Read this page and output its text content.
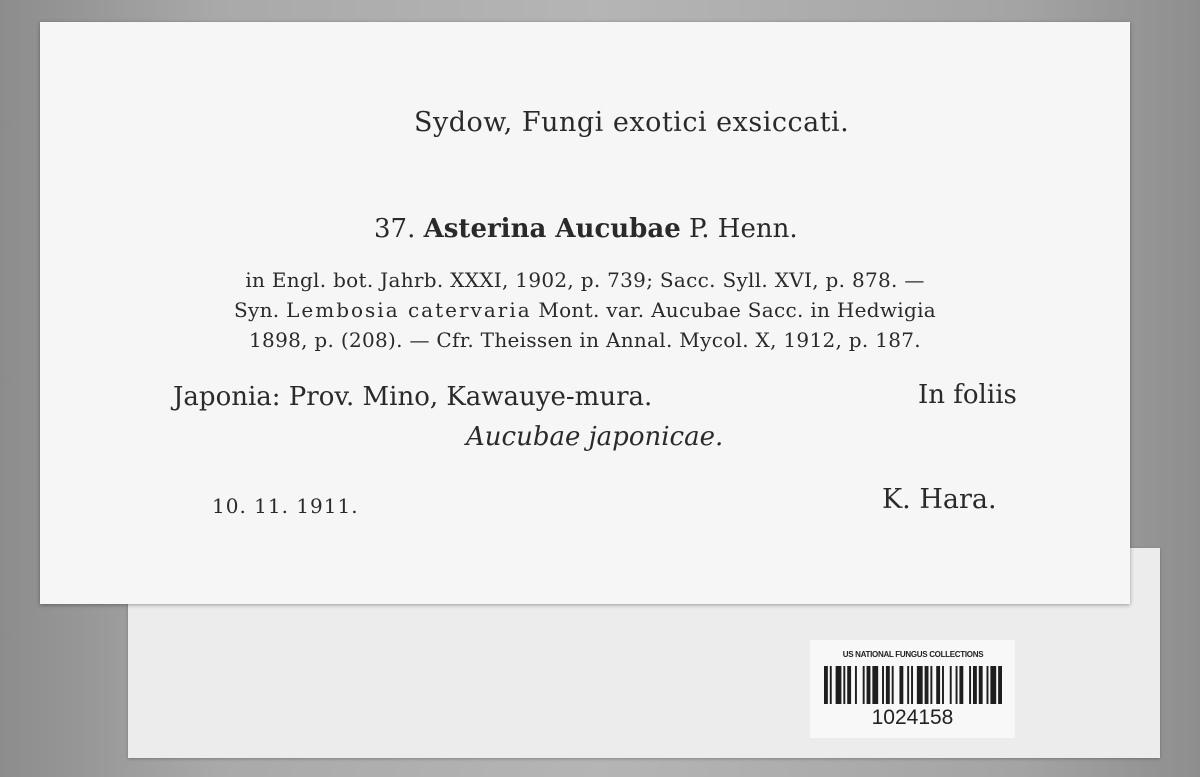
Sydow, Fungi exotici exsiccati.
37. Asterina Aucubae P. Henn.
in Engl. bot. Jahrb. XXXI, 1902, p. 739; Sacc. Syll. XVI, p. 878. —
Syn. Lembosia catervaria Mont. var. Aucubae Sacc. in Hedwigia
1898, p. (208). — Cfr. Theissen in Annal. Mycol. X, 1912, p. 187.
Japonia: Prov. Mino, Kawauye-mura.	In foliis
Aucubae japonicae.
10. 11. 1911.	K. Hara.
US NATIONAL FUNGUS COLLECTIONS
1024158
